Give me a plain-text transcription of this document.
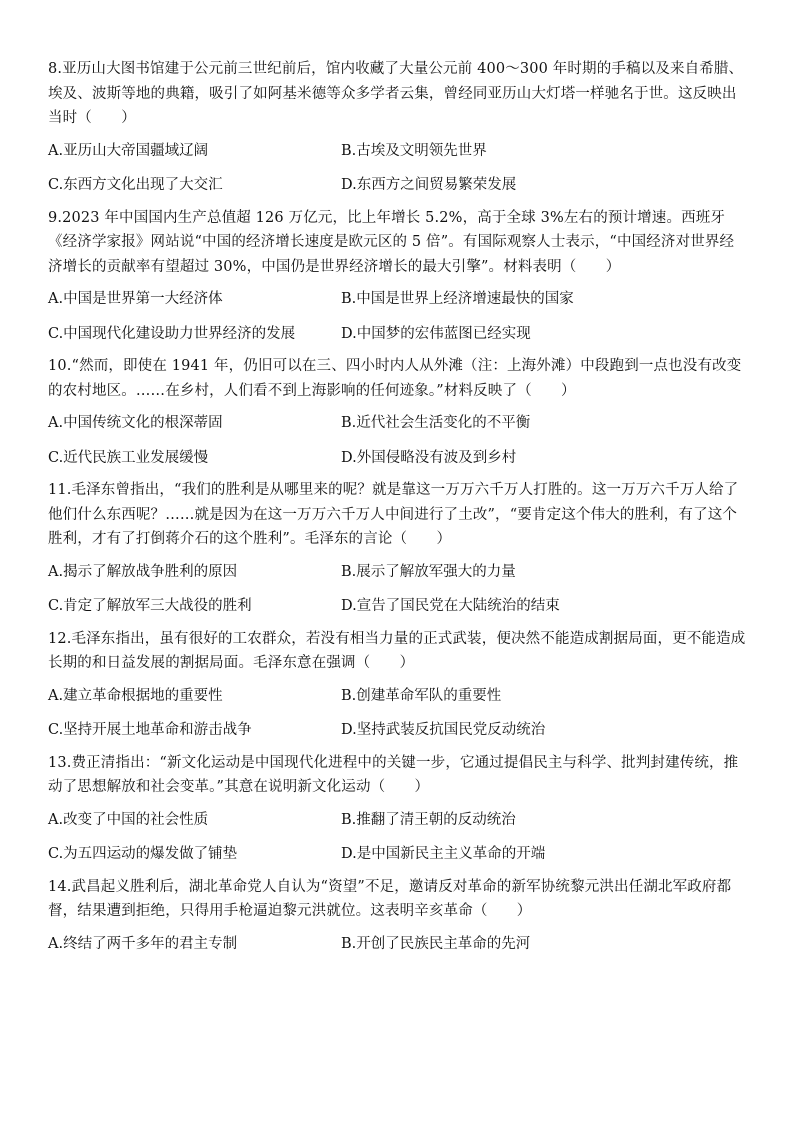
8.亚历山大图书馆建于公元前三世纪前后，馆内收藏了大量公元前 400～300 年时期的手稿以及来自希腊、埃及、波斯等地的典籍，吸引了如阿基米德等众多学者云集，曾经同亚历山大灯塔一样驰名于世。这反映出当时（　　）
A.亚历山大帝国疆域辽阔	B.古埃及文明领先世界
C.东西方文化出现了大交汇	D.东西方之间贸易繁荣发展
9.2023 年中国国内生产总值超 126 万亿元，比上年增长 5.2%，高于全球 3%左右的预计增速。西班牙《经济学家报》网站说“中国的经济增长速度是欧元区的 5 倍”。有国际观察人士表示，“中国经济对世界经济增长的贡献率有望超过 30%，中国仍是世界经济增长的最大引擎”。材料表明（　　）
A.中国是世界第一大经济体	B.中国是世界上经济增速最快的国家
C.中国现代化建设助力世界经济的发展	D.中国梦的宏伟蓝图已经实现
10.“然而，即使在 1941 年，仍旧可以在三、四小时内人从外滩（注：上海外滩）中段跑到一点也没有改变的农村地区。……在乡村，人们看不到上海影响的任何迹象。”材料反映了（　　）
A.中国传统文化的根深蒂固	B.近代社会生活变化的不平衡
C.近代民族工业发展缓慢	D.外国侵略没有波及到乡村
11.毛泽东曾指出，“我们的胜利是从哪里来的呢？就是靠这一万万六千万人打胜的。这一万万六千万人给了他们什么东西呢？……就是因为在这一万万六千万人中间进行了土改”，“要肯定这个伟大的胜利，有了这个胜利，才有了打倒蒋介石的这个胜利”。毛泽东的言论（　　）
A.揭示了解放战争胜利的原因	B.展示了解放军强大的力量
C.肯定了解放军三大战役的胜利	D.宣告了国民党在大陆统治的结束
12.毛泽东指出，虽有很好的工农群众，若没有相当力量的正式武装，便决然不能造成割据局面，更不能造成长期的和日益发展的割据局面。毛泽东意在强调（　　）
A.建立革命根据地的重要性	B.创建革命军队的重要性
C.坚持开展土地革命和游击战争	D.坚持武装反抗国民党反动统治
13.费正清指出：“新文化运动是中国现代化进程中的关键一步，它通过提倡民主与科学、批判封建传统，推动了思想解放和社会变革。”其意在说明新文化运动（　　）
A.改变了中国的社会性质	B.推翻了清王朝的反动统治
C.为五四运动的爆发做了铺垫	D.是中国新民主主义革命的开端
14.武昌起义胜利后，湖北革命党人自认为“资望”不足，邀请反对革命的新军协统黎元洪出任湖北军政府都督，结果遭到拒绝，只得用手枪逼迫黎元洪就位。这表明辛亥革命（　　）
A.终结了两千多年的君主专制	B.开创了民族民主革命的先河
